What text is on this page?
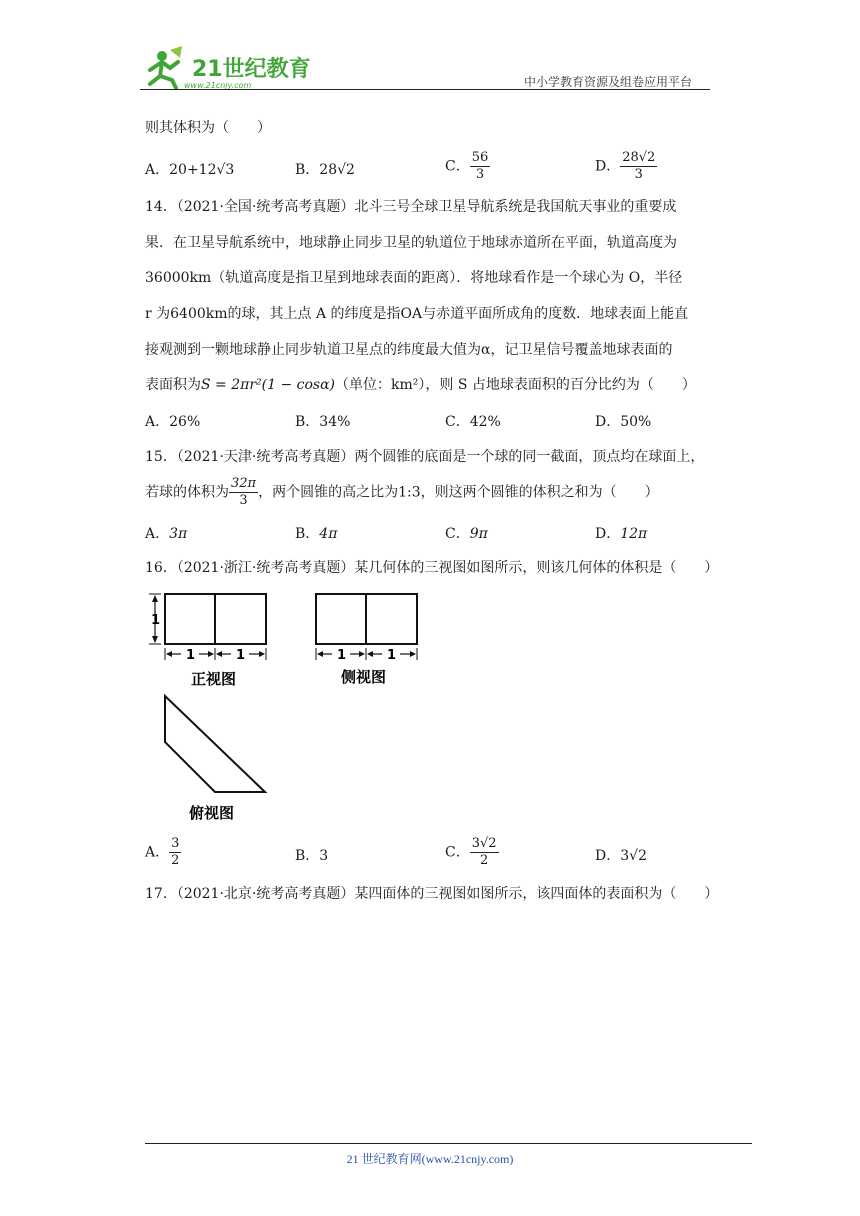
21世纪教育
www.21cnjy.com	中小学教育资源及组卷应用平台
则其体积为（　　）
A．20+12√3	B．28√2	C． $\frac{56}{3}$	D． $\frac{28√2}{3}$
14．（2021·全国·统考高考真题）北斗三号全球卫星导航系统是我国航天事业的重要成
果．在卫星导航系统中，地球静止同步卫星的轨道位于地球赤道所在平面，轨道高度为
36000km（轨道高度是指卫星到地球表面的距离）．将地球看作是一个球心为 O，半径
r 为6400km的球，其上点 A 的纬度是指OA与赤道平面所成角的度数．地球表面上能直
接观测到一颗地球静止同步轨道卫星点的纬度最大值为α，记卫星信号覆盖地球表面的
表面积为S = 2πr²(1 − cosα)（单位：km²），则 S 占地球表面积的百分比约为（　　）
A．26%	B．34%	C．42%	D．50%
15．（2021·天津·统考高考真题）两个圆锥的底面是一个球的同一截面，顶点均在球面上，
若球的体积为 $\frac{32\pi}{3}$ ，两个圆锥的高之比为1:3，则这两个圆锥的体积之和为（　　）
A．3π	B．4π	C．9π	D．12π
16．（2021·浙江·统考高考真题）某几何体的三视图如图所示，则该几何体的体积是（　　）
1
1	1
正视图
1	1
侧视图
俯视图
A． $\frac{3}{2}$	B．3	C． $\frac{3√2}{2}$	D．3√2
17．（2021·北京·统考高考真题）某四面体的三视图如图所示，该四面体的表面积为（　　）
21 世纪教育网(www.21cnjy.com)
